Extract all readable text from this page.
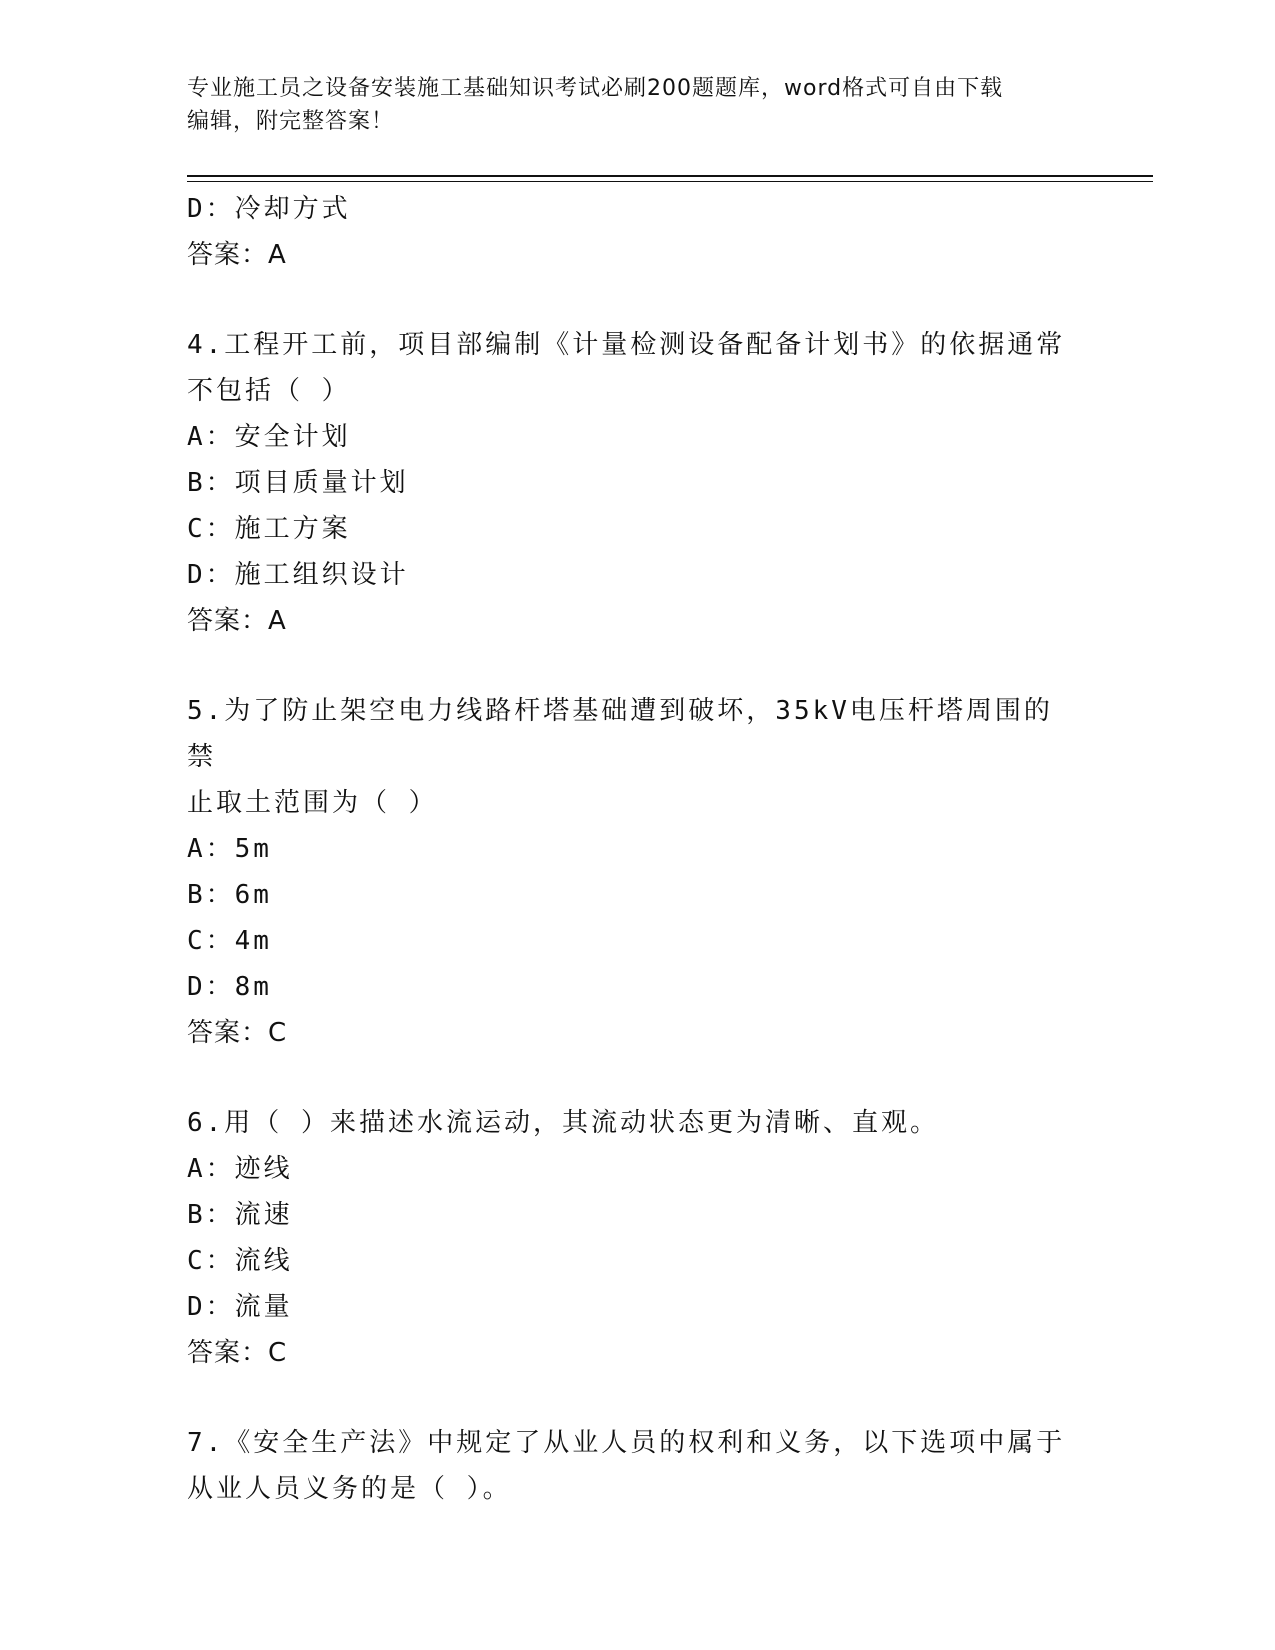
专业施工员之设备安装施工基础知识考试必刷200题题库，word格式可自由下载
编辑，附完整答案！
D：冷却方式
答案：A
4.工程开工前，项目部编制《计量检测设备配备计划书》的依据通常
不包括（ ）
A：安全计划
B：项目质量计划
C：施工方案
D：施工组织设计
答案：A
5.为了防止架空电力线路杆塔基础遭到破坏，35kV电压杆塔周围的禁
止取土范围为（ ）
A：5m
B：6m
C：4m
D：8m
答案：C
6.用（ ）来描述水流运动，其流动状态更为清晰、直观。
A：迹线
B：流速
C：流线
D：流量
答案：C
7.《安全生产法》中规定了从业人员的权利和义务，以下选项中属于
从业人员义务的是（ ）。
